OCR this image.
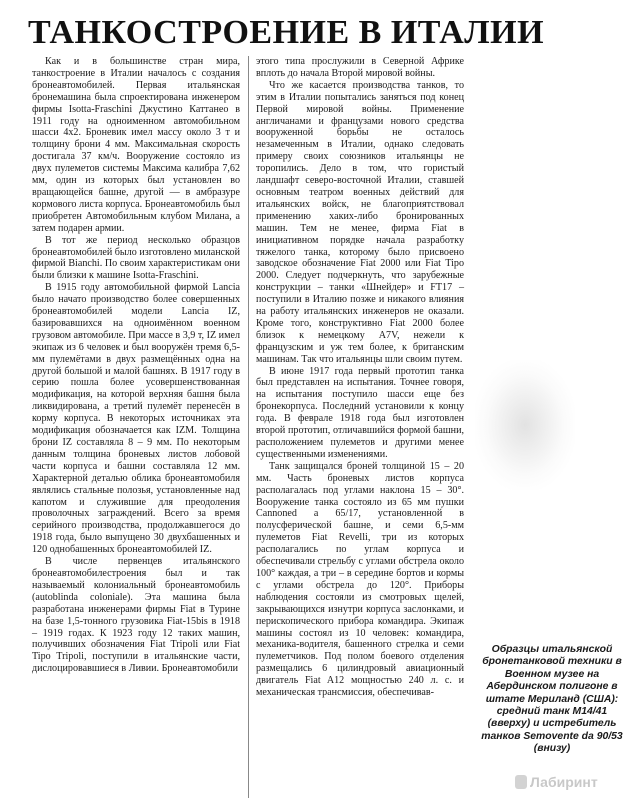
ТАНКОСТРОЕНИЕ В ИТАЛИИ

Как и в большинстве стран мира, танкостроение в Италии началось с создания бронеавтомобилей. Первая итальянская бронемашина была спроектирована инженером фирмы Isotta-Fraschini Джустино Каттанео в 1911 году на одноименном автомобильном шасси 4x2. Броневик имел массу около 3 т и толщину брони 4 мм. Максимальная скорость достигала 37 км/ч. Вооружение состояло из двух пулеметов системы Максима калибра 7,62 мм, один из которых был установлен во вращающейся башне, другой — в амбразуре кормового листа корпуса. Бронеавтомобиль был приобретен Автомобильным клубом Милана, а затем подарен армии.

В тот же период несколько образцов бронеавтомобилей было изготовлено миланской фирмой Bianchi. По своим характеристикам они были близки к машине Isotta-Fraschini.

В 1915 году автомобильной фирмой Lancia было начато производство более совершенных бронеавтомобилей модели Lancia IZ, базировавшихся на одноимённом военном грузовом автомобиле. При массе в 3,9 т, IZ имел экипаж из 6 человек и был вооружён тремя 6,5-мм пулемётами в двух размещённых одна на другой большой и малой башнях. В 1917 году в серию пошла более усовершенствованная модификация, на которой верхняя башня была ликвидирована, а третий пулемёт перенесён в корму корпуса. В некоторых источниках эта модификация обозначается как IZM. Толщина брони IZ составляла 8 – 9 мм. По некоторым данным толщина броневых листов лобовой части корпуса и башни составляла 12 мм. Характерной деталью облика бронеавтомобиля являлись стальные полозья, установленные над капотом и служившие для преодоления проволочных заграждений. Всего за время серийного производства, продолжавшегося до 1918 года, было выпущено 30 двухбашенных и 120 однобашенных бронеавтомобилей IZ.

В числе первенцев итальянского бронеавтомобилестроения был и так называемый колониальный бронеавтомобиль (autoblinda coloniale). Эта машина была разработана инженерами фирмы Fiat в Турине на базе 1,5-тонного грузовика Fiat-15bis в 1918 – 1919 годах. К 1923 году 12 таких машин, получивших обозначения Fiat Tripoli или Fiat Tipo Tripoli, поступили в итальянские части, дислоцировавшиеся в Ливии. Бронеавтомобили

этого типа прослужили в Северной Африке вплоть до начала Второй мировой войны.

Что же касается производства танков, то этим в Италии попытались заняться под конец Первой мировой войны. Применение англичанами и французами нового средства вооруженной борьбы не осталось незамеченным в Италии, однако следовать примеру своих союзников итальянцы не торопились. Дело в том, что гористый ландшафт северо-восточной Италии, ставшей основным театром военных действий для итальянских войск, не благоприятствовал применению хаких-либо бронированных машин. Тем не менее, фирма Fiat в инициативном порядке начала разработку тяжелого танка, которому было присвоено заводское обозначение Fiat 2000 или Fiat Tipo 2000. Следует подчеркнуть, что зарубежные конструкции – танки «Шнейдер» и FT17 – поступили в Италию позже и никакого влияния на работу итальянских инженеров не оказали. Кроме того, конструктивно Fiat 2000 более близок к немецкому A7V, нежели к французским и уж тем более, к британским машинам. Так что итальянцы шли своим путем.

В июне 1917 года первый прототип танка был представлен на испытания. Точнее говоря, на испытания поступило шасси еще без бронекорпуса. Последний установили к концу года. В феврале 1918 года был изготовлен второй прототип, отличавшийся формой башни, расположением пулеметов и другими менее существенными изменениями.

Танк защищался броней толщиной 15 – 20 мм. Часть броневых листов корпуса располагалась под углами наклона 15 – 30°. Вооружение танка состояло из 65 мм пушки Cannoned a 65/17, установленной в полусферической башне, и семи 6,5-мм пулеметов Fiat Revelli, три из которых располагались по углам корпуса и обеспечивали стрельбу с углами обстрела около 100° каждая, а три – в середине бортов и кормы с углами обстрела до 120°. Приборы наблюдения состояли из смотровых щелей, закрывающихся изнутри корпуса заслонками, и перископического прибора командира. Экипаж машины состоял из 10 человек: командира, механика-водителя, башенного стрелка и семи пулеметчиков. Под полом боевого отделения размещались 6 цилиндровый авиационный двигатель Fiat A12 мощностью 240 л. с. и механическая трансмиссия, обеспечивав-

Образцы итальянской бронетанковой техники в Военном музее на Абердинском полигоне в штате Мериланд (США): средний танк M14/41 (вверху) и истребитель танков Semovente da 90/53 (внизу)
Лабиринт
